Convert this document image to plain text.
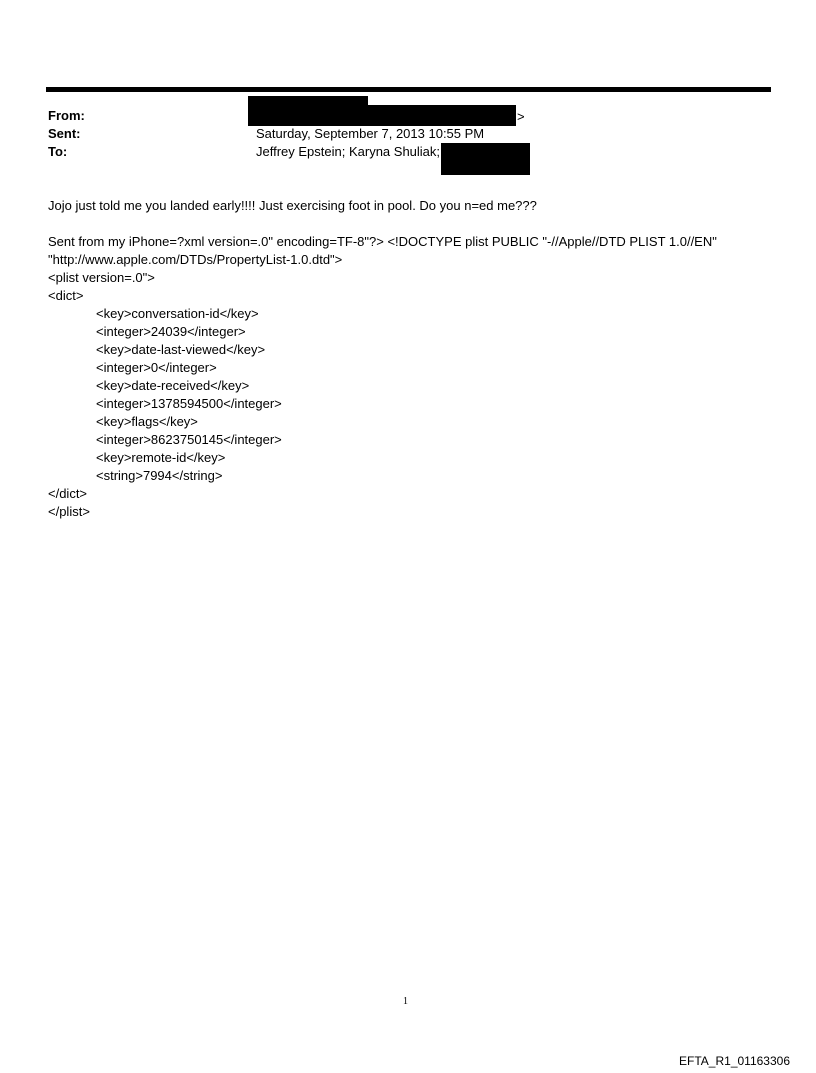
From:	>
Sent:	Saturday, September 7, 2013 10:55 PM
To:	Jeffrey Epstein; Karyna Shuliak;
Jojo just told me you landed early!!!! Just exercising foot in pool. Do you n=ed me???
Sent from my iPhone=?xml version=.0" encoding=TF-8"?> <!DOCTYPE plist PUBLIC "-//Apple//DTD PLIST 1.0//EN"
"http://www.apple.com/DTDs/PropertyList-1.0.dtd">
<plist version=.0">
<dict>
<key>conversation-id</key>
<integer>24039</integer>
<key>date-last-viewed</key>
<integer>0</integer>
<key>date-received</key>
<integer>1378594500</integer>
<key>flags</key>
<integer>8623750145</integer>
<key>remote-id</key>
<string>7994</string>
</dict>
</plist>
1
EFTA_R1_01163306
